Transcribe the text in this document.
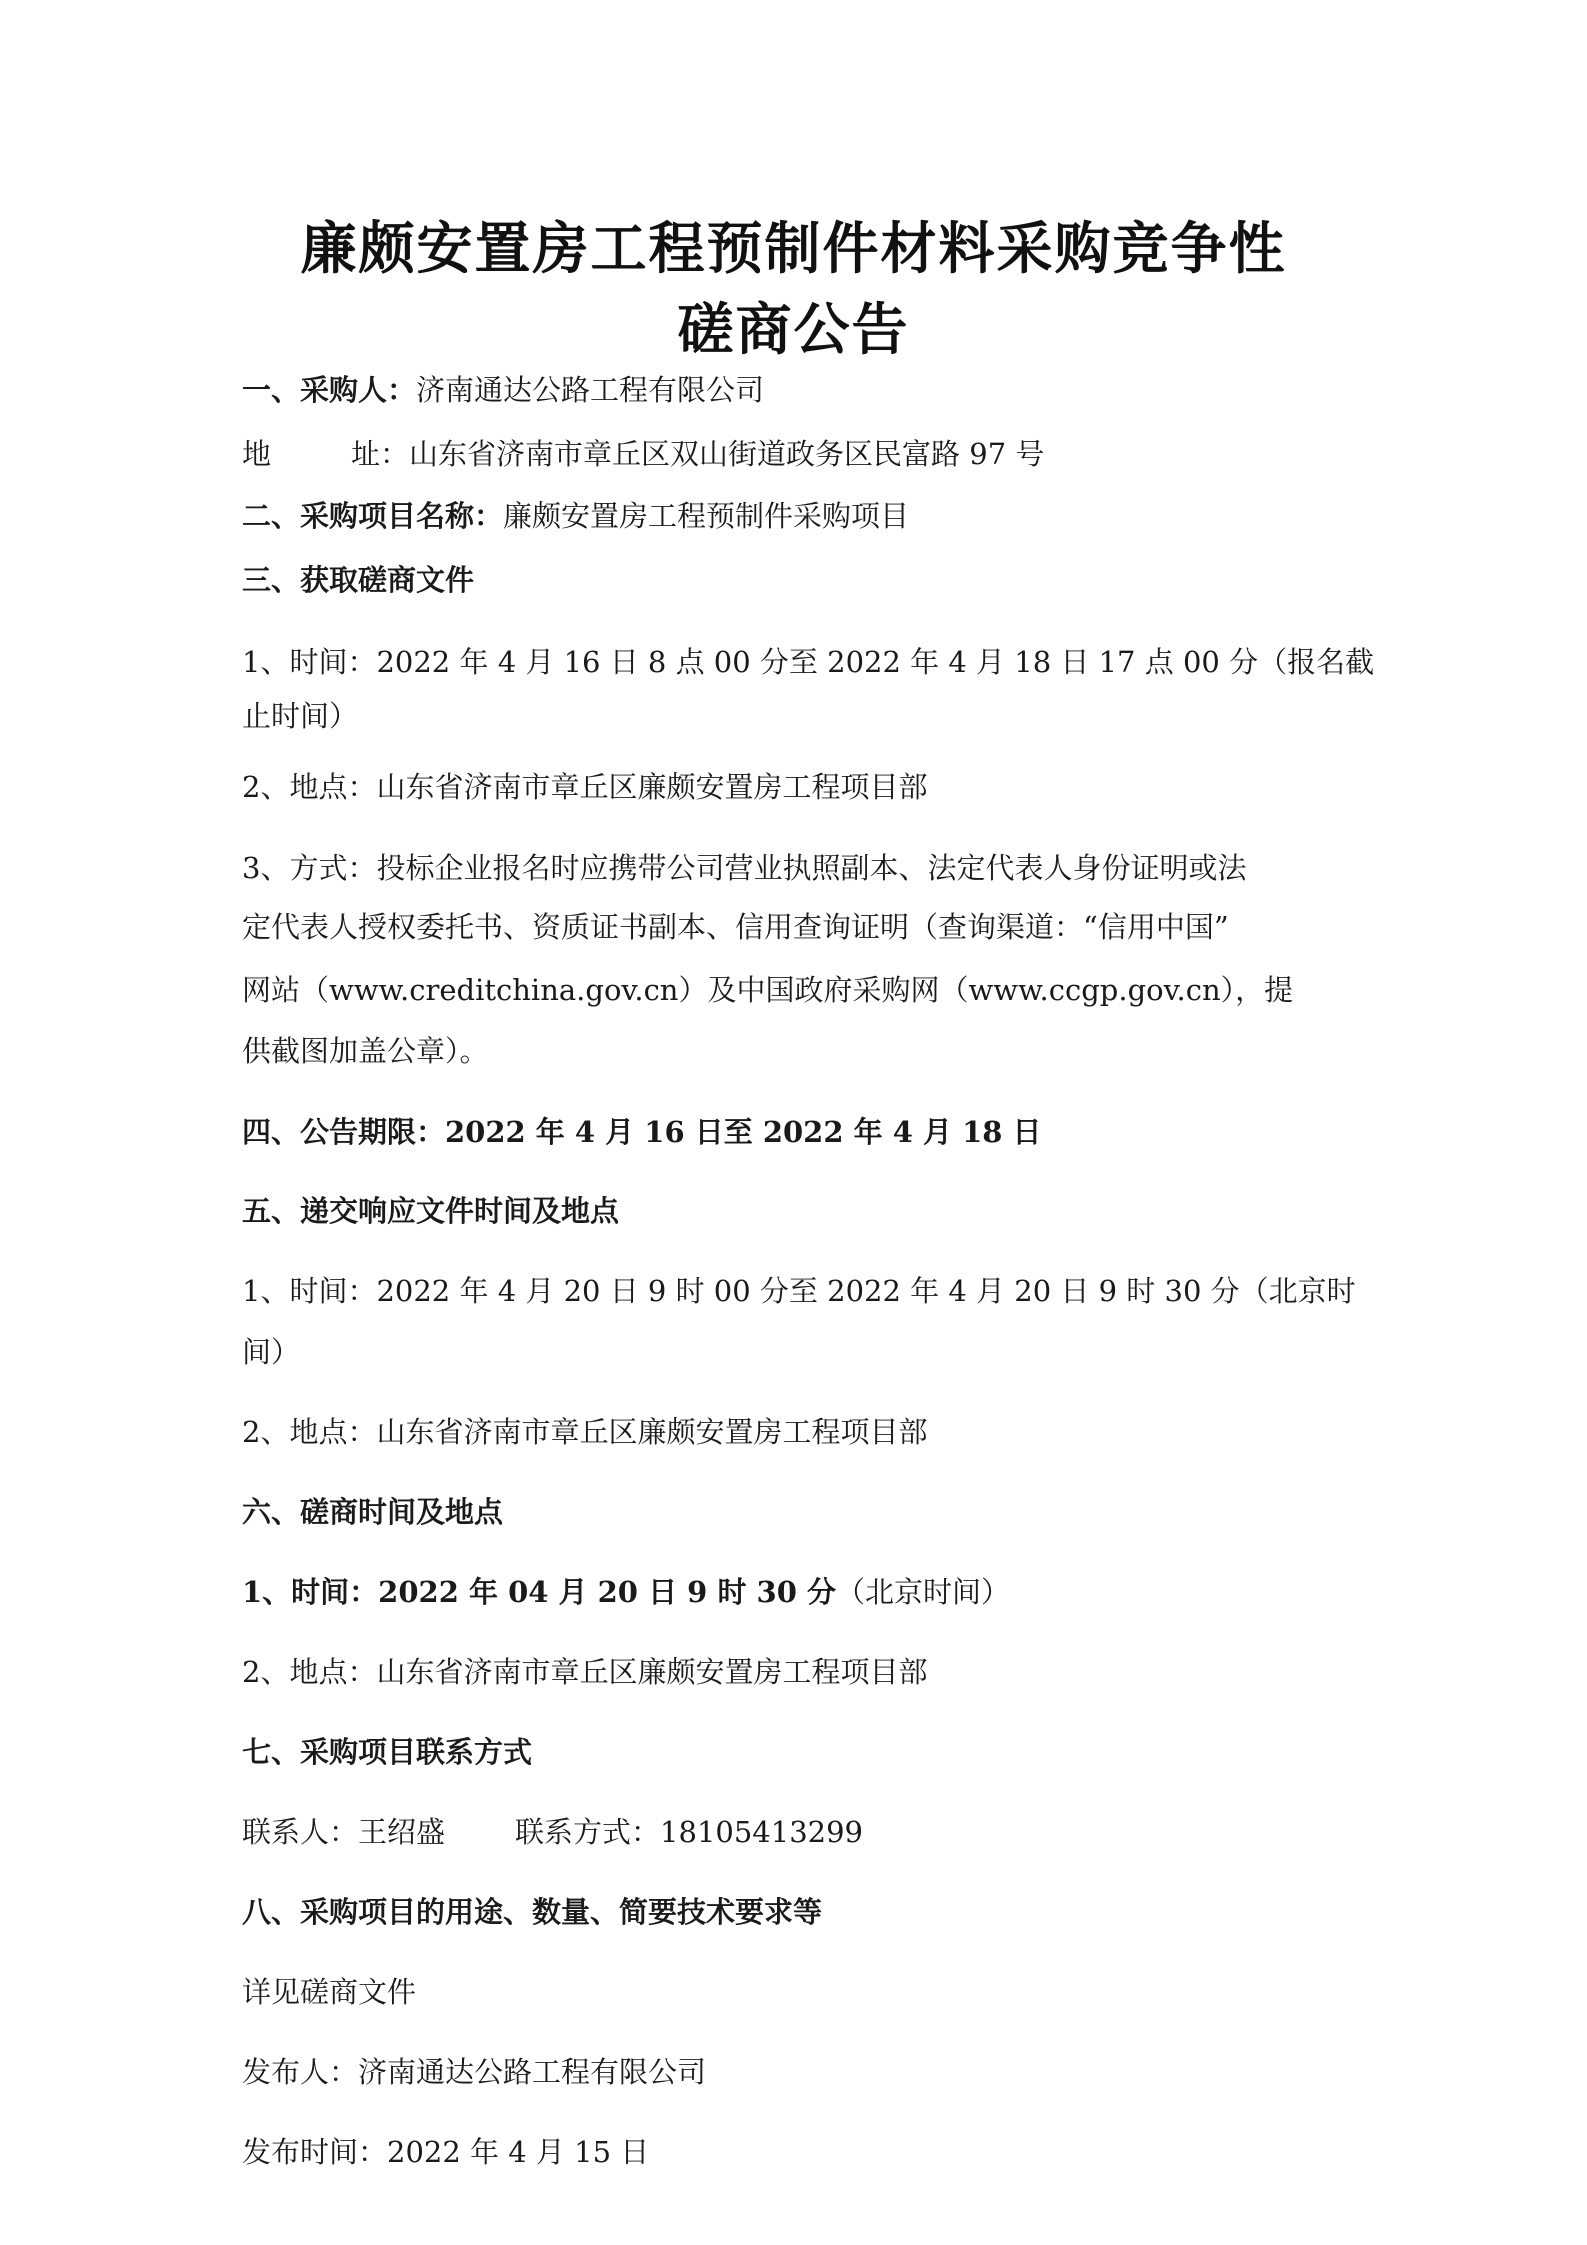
廉颇安置房工程预制件材料采购竞争性
磋商公告

一、采购人：济南通达公路工程有限公司

地	址：山东省济南市章丘区双山街道政务区民富路 97 号

二、采购项目名称：廉颇安置房工程预制件采购项目

三、获取磋商文件

1、时间：2022 年 4 月 16 日 8 点 00 分至 2022 年 4 月 18 日 17 点 00 分（报名截

止时间）

2、地点：山东省济南市章丘区廉颇安置房工程项目部

3、方式：投标企业报名时应携带公司营业执照副本、法定代表人身份证明或法

定代表人授权委托书、资质证书副本、信用查询证明（查询渠道：“信用中国”

网站（www.creditchina.gov.cn）及中国政府采购网（www.ccgp.gov.cn），提

供截图加盖公章）。

四、公告期限：2022 年 4 月 16 日至 2022 年 4 月 18 日

五、递交响应文件时间及地点

1、时间：2022 年 4 月 20 日 9 时 00 分至 2022 年 4 月 20 日 9 时 30 分（北京时

间）

2、地点：山东省济南市章丘区廉颇安置房工程项目部

六、磋商时间及地点

1、时间：2022 年 04 月 20 日 9 时 30 分（北京时间）

2、地点：山东省济南市章丘区廉颇安置房工程项目部

七、采购项目联系方式

联系人：王绍盛 联系方式：18105413299

八、采购项目的用途、数量、简要技术要求等

详见磋商文件

发布人：济南通达公路工程有限公司

发布时间：2022 年 4 月 15 日
